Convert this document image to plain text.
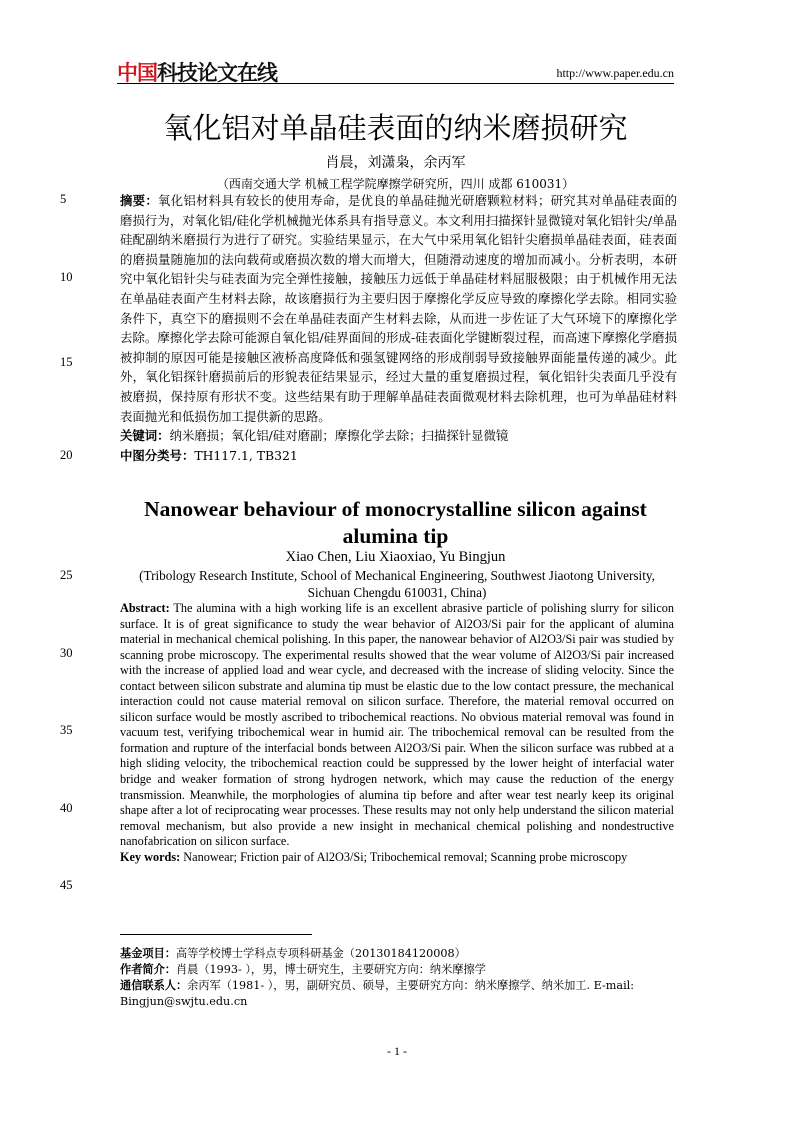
中国科技论文在线	http://www.paper.edu.cn
氧化铝对单晶硅表面的纳米磨损研究
肖晨，刘潇枭，余丙军
（西南交通大学 机械工程学院摩擦学研究所，四川 成都 610031）

摘要：氧化铝材料具有较长的使用寿命，是优良的单晶硅抛光研磨颗粒材料；研究其对单晶硅表面的磨损行为，对氧化铝/硅化学机械抛光体系具有指导意义。本文利用扫描探针显微镜对氧化铝针尖/单晶硅配副纳米磨损行为进行了研究。实验结果显示，在大气中采用氧化铝针尖磨损单晶硅表面，硅表面的磨损量随施加的法向载荷或磨损次数的增大而增大，但随滑动速度的增加而减小。分析表明，本研究中氧化铝针尖与硅表面为完全弹性接触，接触压力远低于单晶硅材料屈服极限；由于机械作用无法在单晶硅表面产生材料去除，故该磨损行为主要归因于摩擦化学反应导致的摩擦化学去除。相同实验条件下，真空下的磨损则不会在单晶硅表面产生材料去除，从而进一步佐证了大气环境下的摩擦化学去除。摩擦化学去除可能源自氧化铝/硅界面间的形成-硅表面化学键断裂过程，而高速下摩擦化学磨损被抑制的原因可能是接触区液桥高度降低和强氢键网络的形成削弱导致接触界面能量传递的减少。此外，氧化铝探针磨损前后的形貌表征结果显示，经过大量的重复磨损过程，氧化铝针尖表面几乎没有被磨损，保持原有形状不变。这些结果有助于理解单晶硅表面微观材料去除机理，也可为单晶硅材料表面抛光和低损伤加工提供新的思路。

关键词：纳米磨损；氧化铝/硅对磨副；摩擦化学去除；扫描探针显微镜

中图分类号：TH117.1, TB321

Nanowear behaviour of monocrystalline silicon against
alumina tip
Xiao Chen, Liu Xiaoxiao, Yu Bingjun
(Tribology Research Institute, School of Mechanical Engineering, Southwest Jiaotong University,
Sichuan Chengdu 610031, China)

Abstract: The alumina with a high working life is an excellent abrasive particle of polishing slurry for silicon surface. It is of great significance to study the wear behavior of Al2O3/Si pair for the applicant of alumina material in mechanical chemical polishing. In this paper, the nanowear behavior of Al2O3/Si pair was studied by scanning probe microscopy. The experimental results showed that the wear volume of Al2O3/Si pair increased with the increase of applied load and wear cycle, and decreased with the increase of sliding velocity. Since the contact between silicon substrate and alumina tip must be elastic due to the low contact pressure, the mechanical interaction could not cause material removal on silicon surface. Therefore, the material removal occurred on silicon surface would be mostly ascribed to tribochemical reactions. No obvious material removal was found in vacuum test, verifying tribochemical wear in humid air. The tribochemical removal can be resulted from the formation and rupture of the interfacial bonds between Al2O3/Si pair. When the silicon surface was rubbed at a high sliding velocity, the tribochemical reaction could be suppressed by the lower height of interfacial water bridge and weaker formation of strong hydrogen network, which may cause the reduction of the energy transmission. Meanwhile, the morphologies of alumina tip before and after wear test nearly keep its original shape after a lot of reciprocating wear processes. These results may not only help understand the silicon material removal mechanism, but also provide a new insight in mechanical chemical polishing and nondestructive nanofabrication on silicon surface.

Key words: Nanowear; Friction pair of Al2O3/Si; Tribochemical removal; Scanning probe microscopy

5
10
15
20
25
30
35
40
45

基金项目：高等学校博士学科点专项科研基金（20130184120008）

作者简介：肖晨（1993- ），男，博士研究生，主要研究方向：纳米摩擦学

通信联系人：余丙军（1981- ），男，副研究员、硕导，主要研究方向：纳米摩擦学、纳米加工. E-mail: Bingjun@swjtu.edu.cn

- 1 -
